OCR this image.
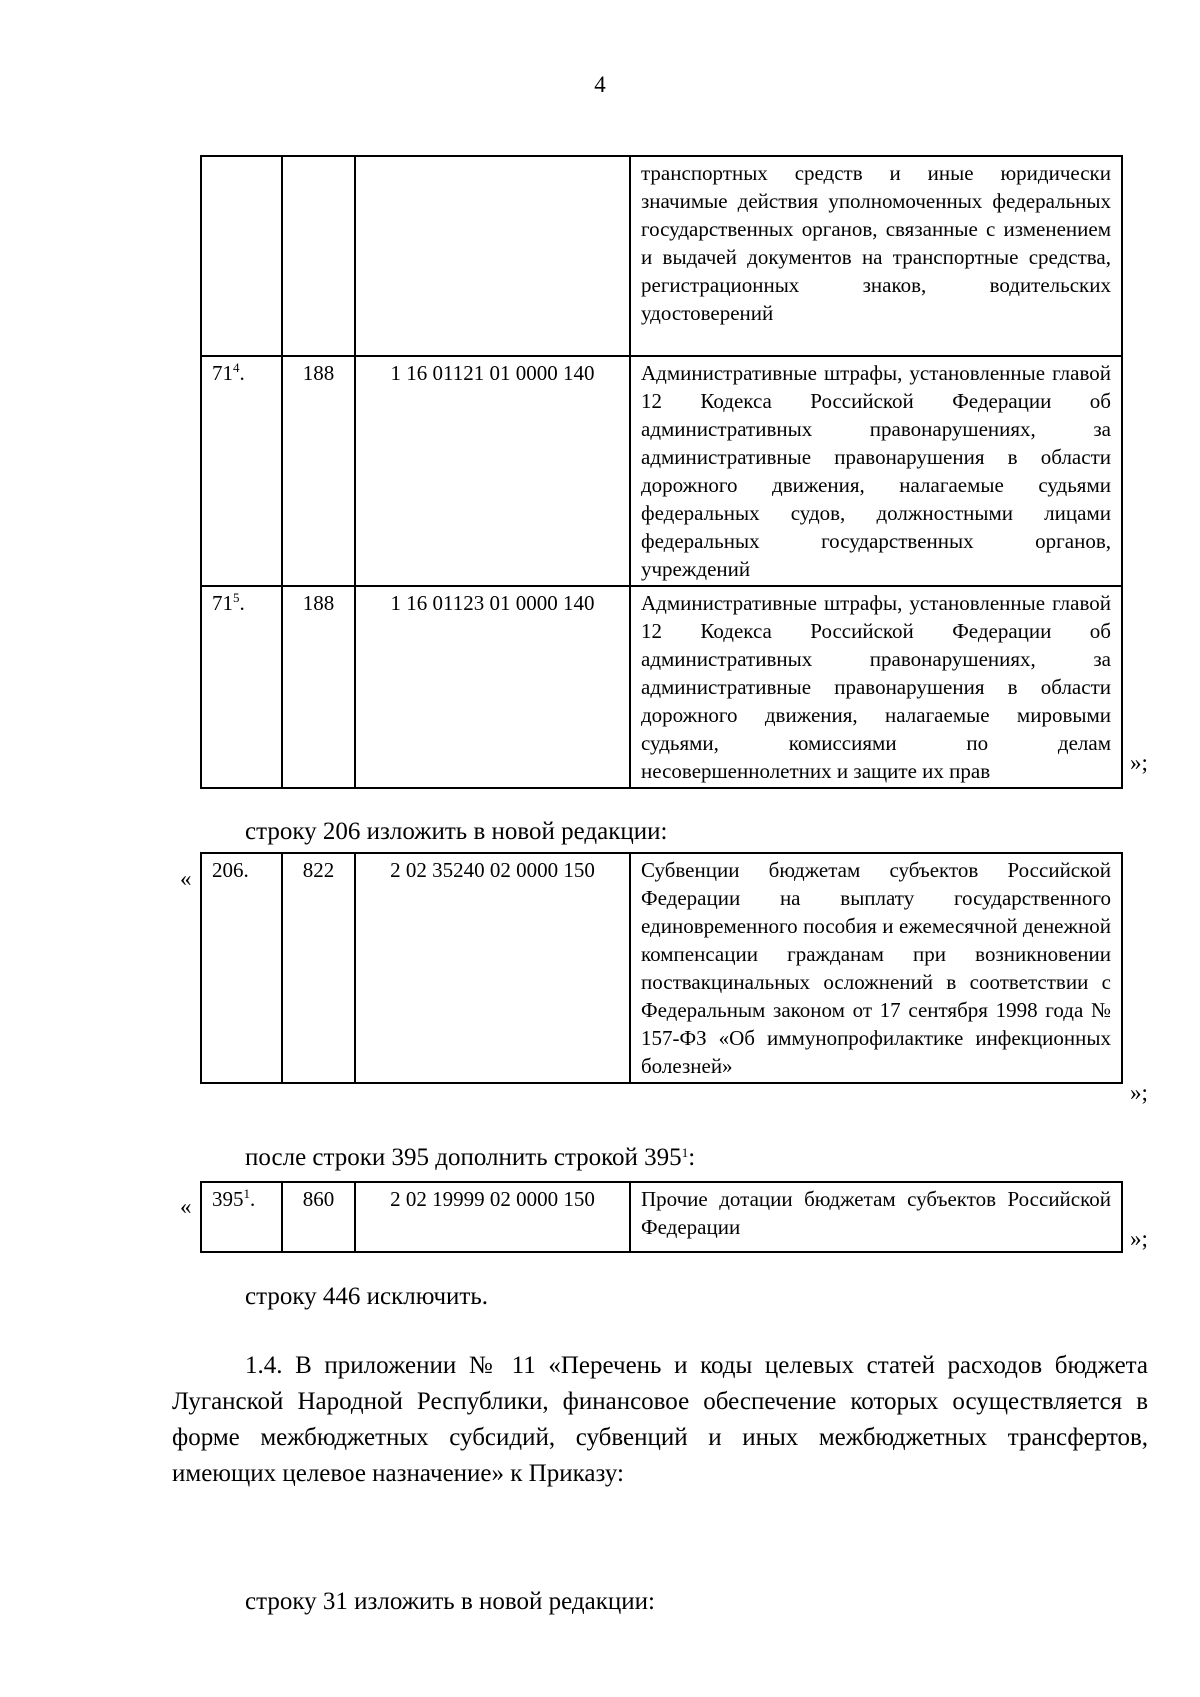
4
			транспортных средств и иные юридически значимые действия уполномоченных федеральных государственных органов, связанные с изменением и выдачей документов на транспортные средства, регистрационных знаков, водительских удостоверений
$71^4$.	188	1 16 01121 01 0000 140	Административные штрафы, установленные главой 12 Кодекса Российской Федерации об административных правонарушениях, за административные правонарушения в области дорожного движения, налагаемые судьями федеральных судов, должностными лицами федеральных государственных органов, учреждений
$71^5$.	188	1 16 01123 01 0000 140	Административные штрафы, установленные главой 12 Кодекса Российской Федерации об административных правонарушениях, за административные правонарушения в области дорожного движения, налагаемые мировыми судьями, комиссиями по делам несовершеннолетних и защите их прав	»;
строку 206 изложить в новой редакции:
« 206.	822	2 02 35240 02 0000 150	Субвенции бюджетам субъектов Российской Федерации на выплату государственного единовременного пособия и ежемесячной денежной компенсации гражданам при возникновении поствакцинальных осложнений в соответствии с Федеральным законом от 17 сентября 1998 года № 157-ФЗ «Об иммунопрофилактике инфекционных болезней»
»;
после строки 395 дополнить строкой $395^1$:
« $395^1$.	860	2 02 19999 02 0000 150	Прочие дотации бюджетам субъектов Российской Федерации	»;
строку 446 исключить.
1.4. В приложении № 11 «Перечень и коды целевых статей расходов бюджета Луганской Народной Республики, финансовое обеспечение которых осуществляется в форме межбюджетных субсидий, субвенций и иных межбюджетных трансфертов, имеющих целевое назначение» к Приказу:
строку 31 изложить в новой редакции:
